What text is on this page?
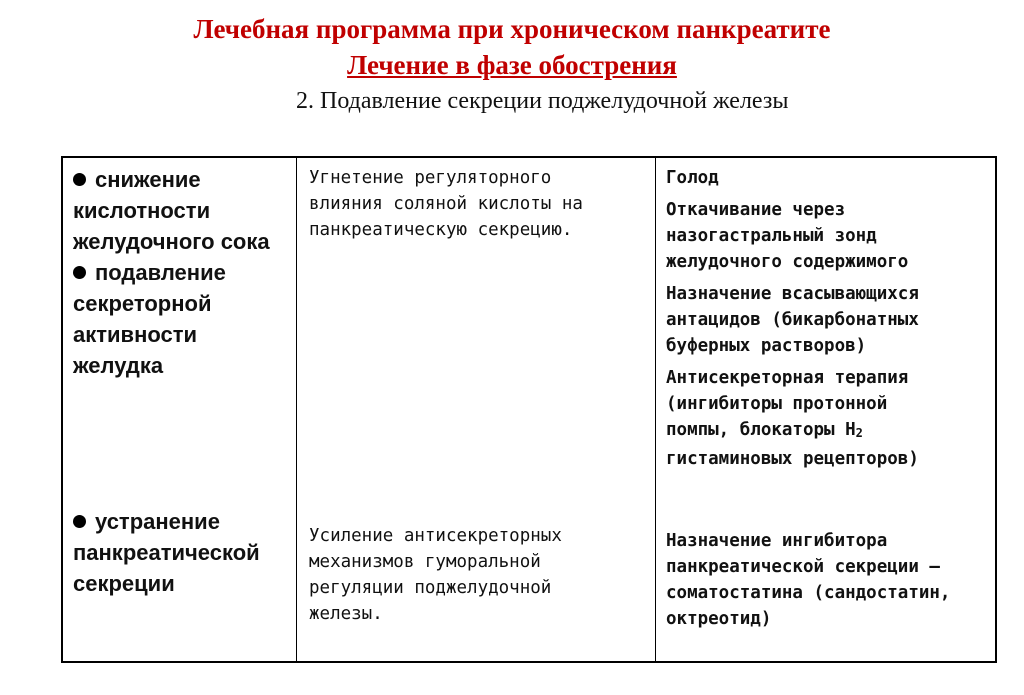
Лечебная программа при хроническом панкреатите
Лечение в фазе обострения
2. Подавление секреции поджелудочной железы
снижение
кислотности
желудочного сока
подавление
секреторной
активности
желудка
устранение
панкреатической
секреции
Угнетение регуляторного
влияния соляной кислоты на
панкреатическую секрецию.
Усиление антисекреторных
механизмов гуморальной
регуляции поджелудочной
железы.

Голод

Откачивание через
назогастральный зонд
желудочного содержимого

Назначение всасывающихся
антацидов (бикарбонатных
буферных растворов)

Антисекреторная терапия
(ингибиторы протонной
помпы, блокаторы Н2
гистаминовых рецепторов)

Назначение ингибитора
панкреатической секреции –
соматостатина (сандостатин,
октреотид)
